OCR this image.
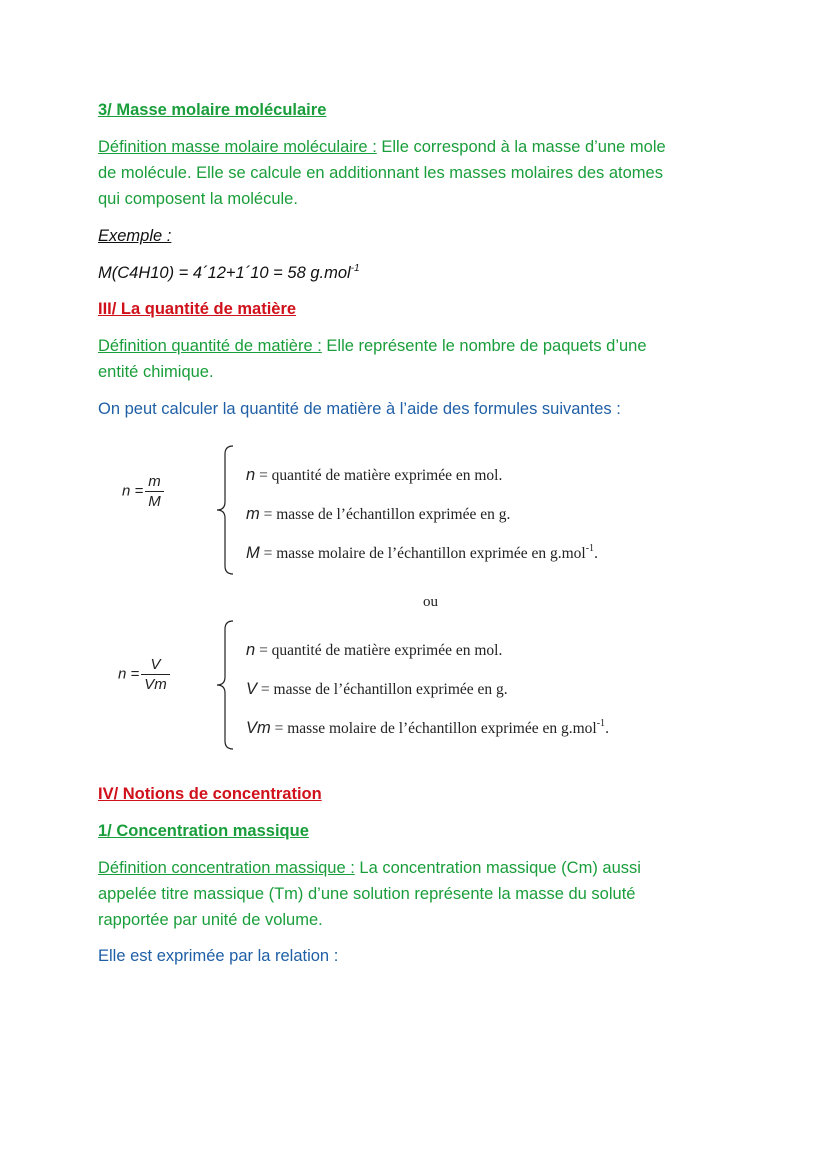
3/ Masse molaire moléculaire
Définition masse molaire moléculaire : Elle correspond à la masse d’une mole
de molécule. Elle se calcule en additionnant les masses molaires des atomes
qui composent la molécule.
Exemple :
M(C4H10) = 4´12+1´10 = 58 g.mol$^{-1}$
III/ La quantité de matière
Définition quantité de matière : Elle représente le nombre de paquets d’une
entité chimique.
On peut calculer la quantité de matière à l’aide des formules suivantes :
$n = \frac{m}{M}$	n = quantité de matière exprimée en mol.
m = masse de l’échantillon exprimée en g.
M = masse molaire de l’échantillon exprimée en g.mol$^{-1}$.
ou
$n = \frac{V}{Vm}$
n = quantité de matière exprimée en mol.
V = masse de l’échantillon exprimée en g.
Vm = masse molaire de l’échantillon exprimée en g.mol$^{-1}$.
IV/ Notions de concentration
1/ Concentration massique
Définition concentration massique : La concentration massique (Cm) aussi
appelée titre massique (Tm) d’une solution représente la masse du soluté
rapportée par unité de volume.
Elle est exprimée par la relation :
